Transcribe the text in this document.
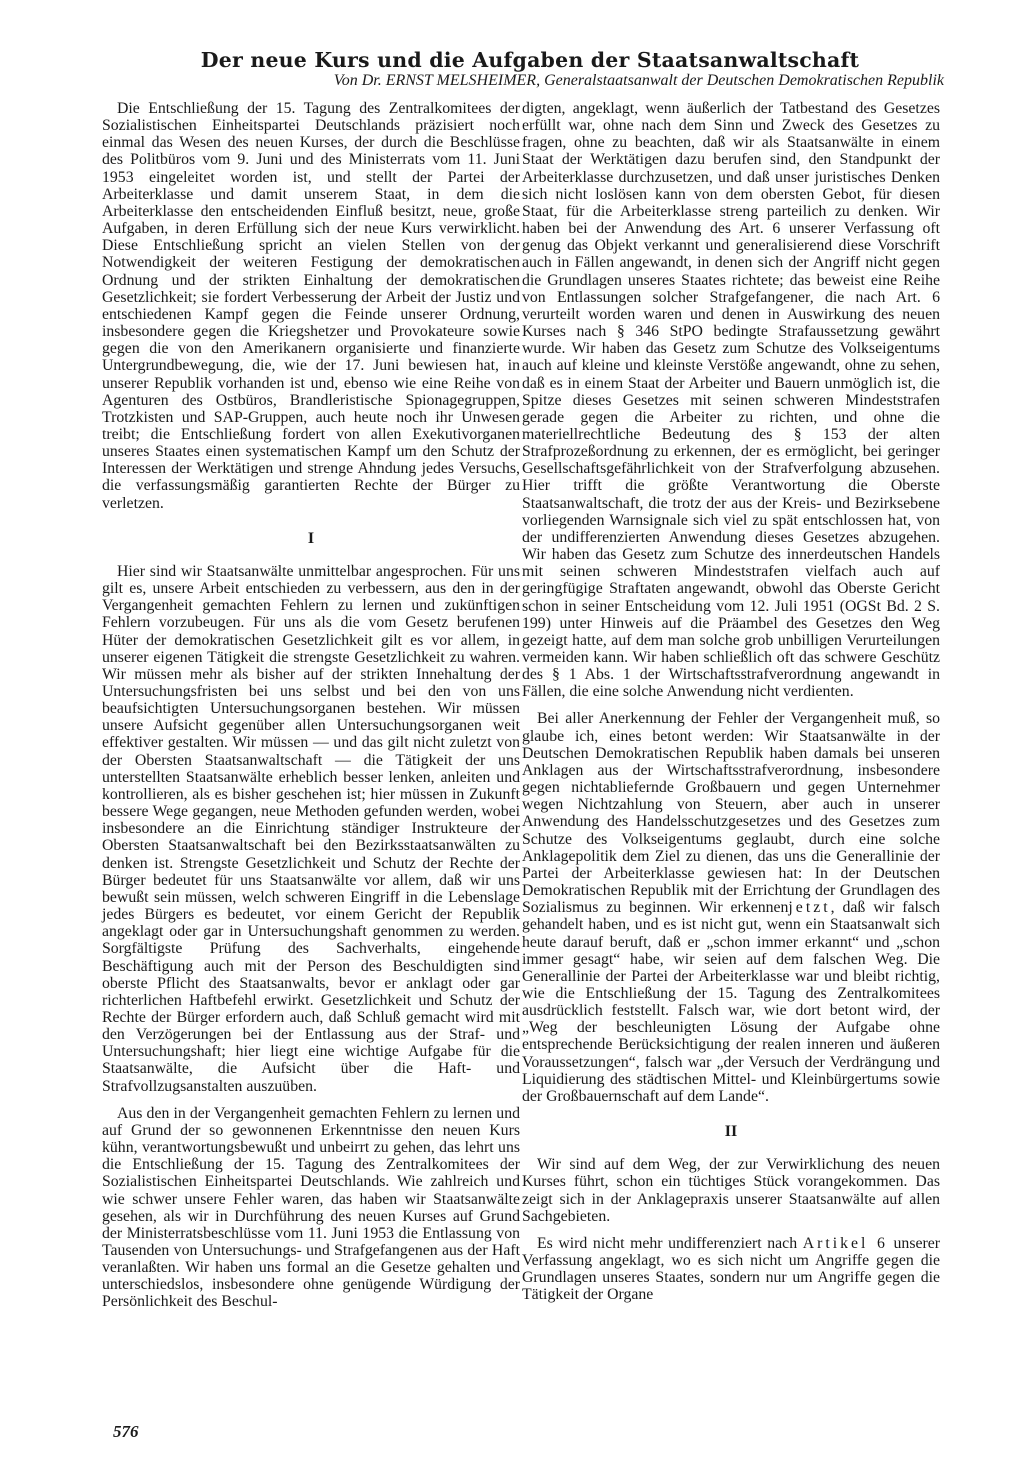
Der neue Kurs und die Aufgaben der Staatsanwaltschaft
Von Dr. ERNST MELSHEIMER, Generalstaatsanwalt der Deutschen Demokratischen Republik

Die Entschließung der 15. Tagung des Zentralkomitees der Sozialistischen Einheitspartei Deutschlands präzisiert noch einmal das Wesen des neuen Kurses, der durch die Beschlüsse des Politbüros vom 9. Juni und des Ministerrats vom 11. Juni 1953 eingeleitet worden ist, und stellt der Partei der Arbeiterklasse und damit unserem Staat, in dem die Arbeiterklasse den entscheidenden Einfluß besitzt, neue, große Aufgaben, in deren Erfüllung sich der neue Kurs verwirklicht. Diese Entschließung spricht an vielen Stellen von der Notwendigkeit der weiteren Festigung der demokratischen Ordnung und der strikten Einhaltung der demokratischen Gesetzlichkeit; sie fordert Verbesserung der Arbeit der Justiz und entschiedenen Kampf gegen die Feinde unserer Ordnung, insbesondere gegen die Kriegshetzer und Provokateure sowie gegen die von den Amerikanern organisierte und finanzierte Untergrundbewegung, die, wie der 17. Juni bewiesen hat, in unserer Republik vorhanden ist und, ebenso wie eine Reihe von Agenturen des Ostbüros, Brandleristische Spionagegruppen, Trotzkisten und SAP-Gruppen, auch heute noch ihr Unwesen treibt; die Entschließung fordert von allen Exekutivorganen unseres Staates einen systematischen Kampf um den Schutz der Interessen der Werktätigen und strenge Ahndung jedes Versuchs, die verfassungsmäßig garantierten Rechte der Bürger zu verletzen.

I

Hier sind wir Staatsanwälte unmittelbar angesprochen. Für uns gilt es, unsere Arbeit entschieden zu verbessern, aus den in der Vergangenheit gemachten Fehlern zu lernen und zukünftigen Fehlern vorzubeugen. Für uns als die vom Gesetz berufenen Hüter der demokratischen Gesetzlichkeit gilt es vor allem, in unserer eigenen Tätigkeit die strengste Gesetzlichkeit zu wahren. Wir müssen mehr als bisher auf der strikten Innehaltung der Untersuchungsfristen bei uns selbst und bei den von uns beaufsichtigten Untersuchungsorganen bestehen. Wir müssen unsere Aufsicht gegenüber allen Untersuchungsorganen weit effektiver gestalten. Wir müssen — und das gilt nicht zuletzt von der Obersten Staatsanwaltschaft — die Tätigkeit der uns unterstellten Staatsanwälte erheblich besser lenken, anleiten und kontrollieren, als es bisher geschehen ist; hier müssen in Zukunft bessere Wege gegangen, neue Methoden gefunden werden, wobei insbesondere an die Einrichtung ständiger Instrukteure der Obersten Staatsanwaltschaft bei den Bezirksstaatsanwälten zu denken ist. Strengste Gesetzlichkeit und Schutz der Rechte der Bürger bedeutet für uns Staatsanwälte vor allem, daß wir uns bewußt sein müssen, welch schweren Eingriff in die Lebenslage jedes Bürgers es bedeutet, vor einem Gericht der Republik angeklagt oder gar in Untersuchungshaft genommen zu werden. Sorgfältigste Prüfung des Sachverhalts, eingehende Beschäftigung auch mit der Person des Beschuldigten sind oberste Pflicht des Staatsanwalts, bevor er anklagt oder gar richterlichen Haftbefehl erwirkt. Gesetzlichkeit und Schutz der Rechte der Bürger erfordern auch, daß Schluß gemacht wird mit den Verzögerungen bei der Entlassung aus der Straf- und Untersuchungshaft; hier liegt eine wichtige Aufgabe für die Staatsanwälte, die Aufsicht über die Haft- und Strafvollzugsanstalten auszuüben.

Aus den in der Vergangenheit gemachten Fehlern zu lernen und auf Grund der so gewonnenen Erkenntnisse den neuen Kurs kühn, verantwortungsbewußt und unbeirrt zu gehen, das lehrt uns die Entschließung der 15. Tagung des Zentralkomitees der Sozialistischen Einheitspartei Deutschlands. Wie zahlreich und wie schwer unsere Fehler waren, das haben wir Staatsanwälte gesehen, als wir in Durchführung des neuen Kurses auf Grund der Ministerratsbeschlüsse vom 11. Juni 1953 die Entlassung von Tausenden von Untersuchungs- und Strafgefangenen aus der Haft veranlaßten. Wir haben uns formal an die Gesetze gehalten und unterschiedslos, insbesondere ohne genügende Würdigung der Persönlichkeit des Beschul-

digten, angeklagt, wenn äußerlich der Tatbestand des Gesetzes erfüllt war, ohne nach dem Sinn und Zweck des Gesetzes zu fragen, ohne zu beachten, daß wir als Staatsanwälte in einem Staat der Werktätigen dazu berufen sind, den Standpunkt der Arbeiterklasse durchzusetzen, und daß unser juristisches Denken sich nicht loslösen kann von dem obersten Gebot, für diesen Staat, für die Arbeiterklasse streng parteilich zu denken. Wir haben bei der Anwendung des Art. 6 unserer Verfassung oft genug das Objekt verkannt und generalisierend diese Vorschrift auch in Fällen angewandt, in denen sich der Angriff nicht gegen die Grundlagen unseres Staates richtete; das beweist eine Reihe von Entlassungen solcher Strafgefangener, die nach Art. 6 verurteilt worden waren und denen in Auswirkung des neuen Kurses nach § 346 StPO bedingte Strafaussetzung gewährt wurde. Wir haben das Gesetz zum Schutze des Volkseigentums auch auf kleine und kleinste Verstöße angewandt, ohne zu sehen, daß es in einem Staat der Arbeiter und Bauern unmöglich ist, die Spitze dieses Gesetzes mit seinen schweren Mindeststrafen gerade gegen die Arbeiter zu richten, und ohne die materiellrechtliche Bedeutung des § 153 der alten Strafprozeßordnung zu erkennen, der es ermöglicht, bei geringer Gesellschaftsgefährlichkeit von der Strafverfolgung abzusehen. Hier trifft die größte Verantwortung die Oberste Staatsanwaltschaft, die trotz der aus der Kreis- und Bezirksebene vorliegenden Warnsignale sich viel zu spät entschlossen hat, von der undifferenzierten Anwendung dieses Gesetzes abzugehen. Wir haben das Gesetz zum Schutze des innerdeutschen Handels mit seinen schweren Mindeststrafen vielfach auch auf geringfügige Straftaten angewandt, obwohl das Oberste Gericht schon in seiner Entscheidung vom 12. Juli 1951 (OGSt Bd. 2 S. 199) unter Hinweis auf die Präambel des Gesetzes den Weg gezeigt hatte, auf dem man solche grob unbilligen Verurteilungen vermeiden kann. Wir haben schließlich oft das schwere Geschütz des § 1 Abs. 1 der Wirtschaftsstrafverordnung angewandt in Fällen, die eine solche Anwendung nicht verdienten.

Bei aller Anerkennung der Fehler der Vergangenheit muß, so glaube ich, eines betont werden: Wir Staatsanwälte in der Deutschen Demokratischen Republik haben damals bei unseren Anklagen aus der Wirtschaftsstrafverordnung, insbesondere gegen nichtabliefernde Großbauern und gegen Unternehmer wegen Nichtzahlung von Steuern, aber auch in unserer Anwendung des Handelsschutzgesetzes und des Gesetzes zum Schutze des Volkseigentums geglaubt, durch eine solche Anklagepolitik dem Ziel zu dienen, das uns die Generallinie der Partei der Arbeiterklasse gewiesen hat: In der Deutschen Demokratischen Republik mit der Errichtung der Grundlagen des Sozialismus zu beginnen. Wir erkennenjetzt, daß wir falsch gehandelt haben, und es ist nicht gut, wenn ein Staatsanwalt sich heute darauf beruft, daß er „schon immer erkannt“ und „schon immer gesagt“ habe, wir seien auf dem falschen Weg. Die Generallinie der Partei der Arbeiterklasse war und bleibt richtig, wie die Entschließung der 15. Tagung des Zentralkomitees ausdrücklich feststellt. Falsch war, wie dort betont wird, der „Weg der beschleunigten Lösung der Aufgabe ohne entsprechende Berücksichtigung der realen inneren und äußeren Voraussetzungen“, falsch war „der Versuch der Verdrängung und Liquidierung des städtischen Mittel- und Kleinbürgertums sowie der Großbauernschaft auf dem Lande“.

II

Wir sind auf dem Weg, der zur Verwirklichung des neuen Kurses führt, schon ein tüchtiges Stück vorangekommen. Das zeigt sich in der Anklagepraxis unserer Staatsanwälte auf allen Sachgebieten.

Es wird nicht mehr undifferenziert nach Artikel 6 unserer Verfassung angeklagt, wo es sich nicht um Angriffe gegen die Grundlagen unseres Staates, sondern nur um Angriffe gegen die Tätigkeit der Organe

576
